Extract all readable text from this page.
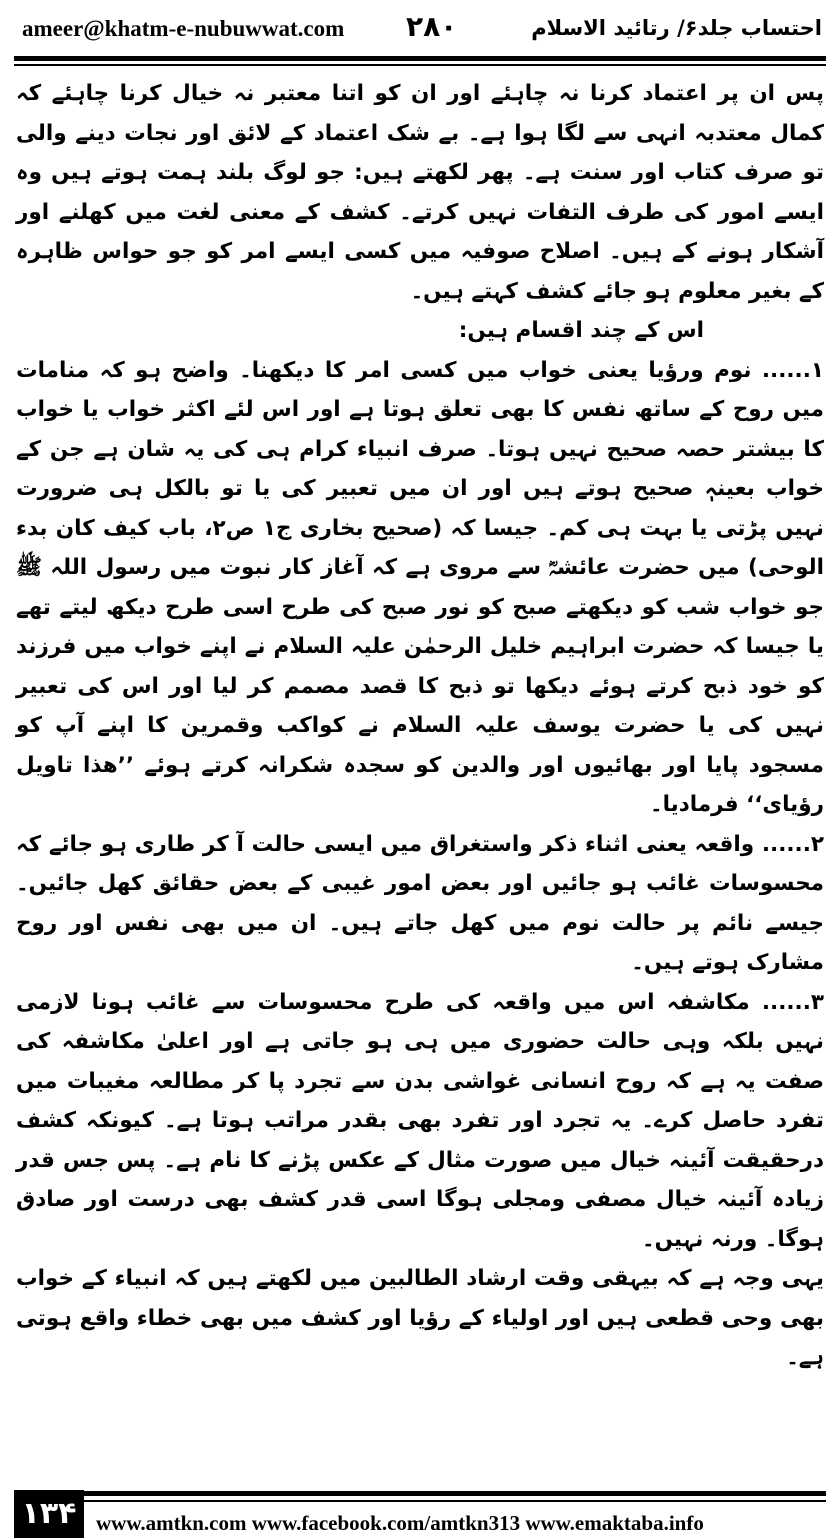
ameer@khatm-e-nubuwwat.com ۲۸۰	احتساب جلد۶/ رتائید الاسلام

پس ان پر اعتماد کرنا نہ چاہئے اور ان کو اتنا معتبر نہ خیال کرنا چاہئے کہ کمال معتدبہ انہی سے لگا ہوا ہے۔ بے شک اعتماد کے لائق اور نجات دینے والی تو صرف کتاب اور سنت ہے۔ پھر لکھتے ہیں: جو لوگ بلند ہمت ہوتے ہیں وہ ایسے امور کی طرف التفات نہیں کرتے۔ کشف کے معنی لغت میں کھلنے اور آشکار ہونے کے ہیں۔ اصلاح صوفیہ میں کسی ایسے امر کو جو حواس ظاہرہ کے بغیر معلوم ہو جائے کشف کہتے ہیں۔

اس کے چند اقسام ہیں:

۱...... نوم ورؤیا یعنی خواب میں کسی امر کا دیکھنا۔ واضح ہو کہ منامات میں روح کے ساتھ نفس کا بھی تعلق ہوتا ہے اور اس لئے اکثر خواب یا خواب کا بیشتر حصہ صحیح نہیں ہوتا۔ صرف انبیاء کرام ہی کی یہ شان ہے جن کے خواب بعینہٖ صحیح ہوتے ہیں اور ان میں تعبیر کی یا تو بالکل ہی ضرورت نہیں پڑتی یا بہت ہی کم۔ جیسا کہ (صحیح بخاری ج۱ ص۲، باب کیف کان بدء الوحی) میں حضرت عائشہؓ سے مروی ہے کہ آغاز کار نبوت میں رسول اللہ ﷺ جو خواب شب کو دیکھتے صبح کو نور صبح کی طرح اسی طرح دیکھ لیتے تھے یا جیسا کہ حضرت ابراہیم خلیل الرحمٰن علیہ السلام نے اپنے خواب میں فرزند کو خود ذبح کرتے ہوئے دیکھا تو ذبح کا قصد مصمم کر لیا اور اس کی تعبیر نہیں کی یا حضرت یوسف علیہ السلام نے کواکب وقمرین کا اپنے آپ کو مسجود پایا اور بھائیوں اور والدین کو سجدہ شکرانہ کرتے ہوئے ’’ھذا تاویل رؤیای‘‘ فرمادیا۔

۲...... واقعہ یعنی اثناء ذکر واستغراق میں ایسی حالت آ کر طاری ہو جائے کہ محسوسات غائب ہو جائیں اور بعض امور غیبی کے بعض حقائق کھل جائیں۔ جیسے نائم پر حالت نوم میں کھل جاتے ہیں۔ ان میں بھی نفس اور روح مشارک ہوتے ہیں۔

۳...... مکاشفہ اس میں واقعہ کی طرح محسوسات سے غائب ہونا لازمی نہیں بلکہ وہی حالت حضوری میں ہی ہو جاتی ہے اور اعلیٰ مکاشفہ کی صفت یہ ہے کہ روح انسانی غواشی بدن سے تجرد پا کر مطالعہ مغیبات میں تفرد حاصل کرے۔ یہ تجرد اور تفرد بھی بقدر مراتب ہوتا ہے۔ کیونکہ کشف درحقیقت آئینہ خیال میں صورت مثال کے عکس پڑنے کا نام ہے۔ پس جس قدر زیادہ آئینہ خیال مصفی ومجلی ہوگا اسی قدر کشف بھی درست اور صادق ہوگا۔ ورنہ نہیں۔

یہی وجہ ہے کہ بیہقی وقت ارشاد الطالبین میں لکھتے ہیں کہ انبیاء کے خواب بھی وحی قطعی ہیں اور اولیاء کے رؤیا اور کشف میں بھی خطاء واقع ہوتی ہے۔

۱۳۴ www.amtkn.com www.facebook.com/amtkn313 www.emaktaba.info
